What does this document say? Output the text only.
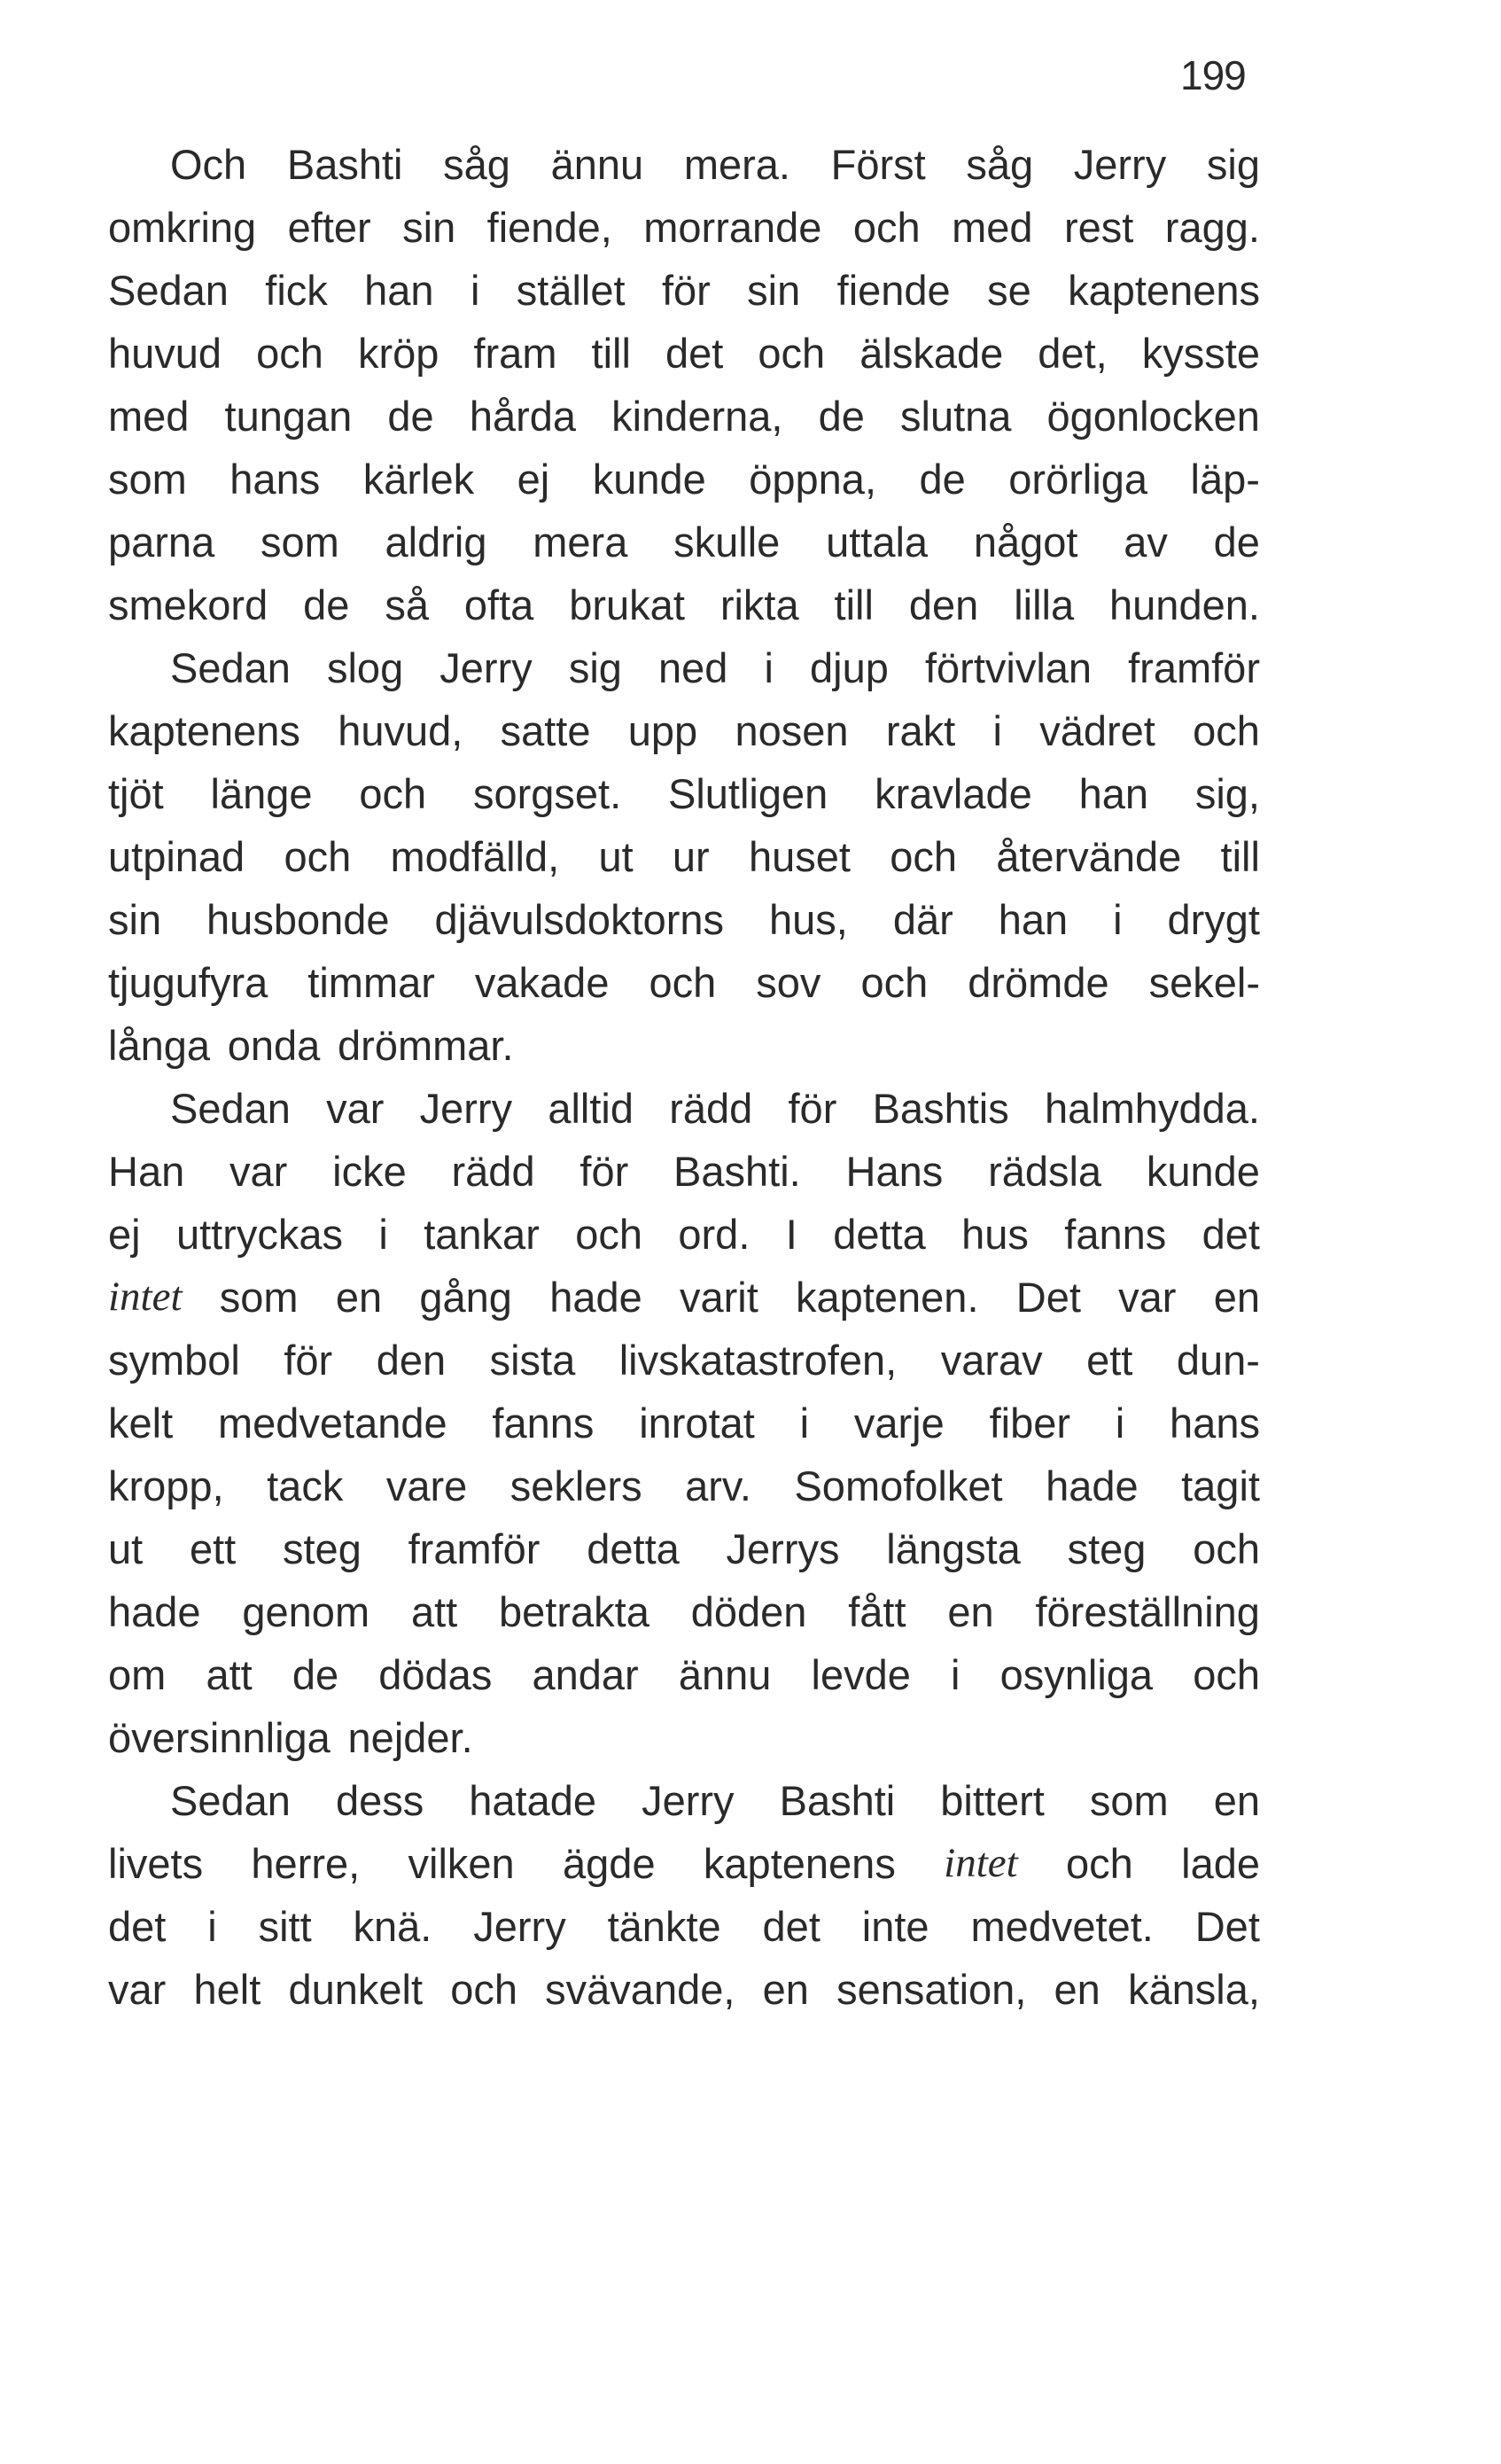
199
Och Bashti såg ännu mera. Först såg Jerry sig
omkring efter sin fiende, morrande och med rest ragg.
Sedan fick han i stället för sin fiende se kaptenens
huvud och kröp fram till det och älskade det, kysste
med tungan de hårda kinderna, de slutna ögonlocken
som hans kärlek ej kunde öppna, de orörliga läp-
parna som aldrig mera skulle uttala något av de
smekord de så ofta brukat rikta till den lilla hunden.
Sedan slog Jerry sig ned i djup förtvivlan framför
kaptenens huvud, satte upp nosen rakt i vädret och
tjöt länge och sorgset. Slutligen kravlade han sig,
utpinad och modfälld, ut ur huset och återvände till
sin husbonde djävulsdoktorns hus, där han i drygt
tjugufyra timmar vakade och sov och drömde sekel-
långa onda drömmar.
Sedan var Jerry alltid rädd för Bashtis halmhydda.
Han var icke rädd för Bashti. Hans rädsla kunde
ej uttryckas i tankar och ord. I detta hus fanns det
intet som en gång hade varit kaptenen. Det var en
symbol för den sista livskatastrofen, varav ett dun-
kelt medvetande fanns inrotat i varje fiber i hans
kropp, tack vare seklers arv. Somofolket hade tagit
ut ett steg framför detta Jerrys längsta steg och
hade genom att betrakta döden fått en föreställning
om att de dödas andar ännu levde i osynliga och
översinnliga nejder.
Sedan dess hatade Jerry Bashti bittert som en
livets herre, vilken ägde kaptenens intet och lade
det i sitt knä. Jerry tänkte det inte medvetet. Det
var helt dunkelt och svävande, en sensation, en känsla,
